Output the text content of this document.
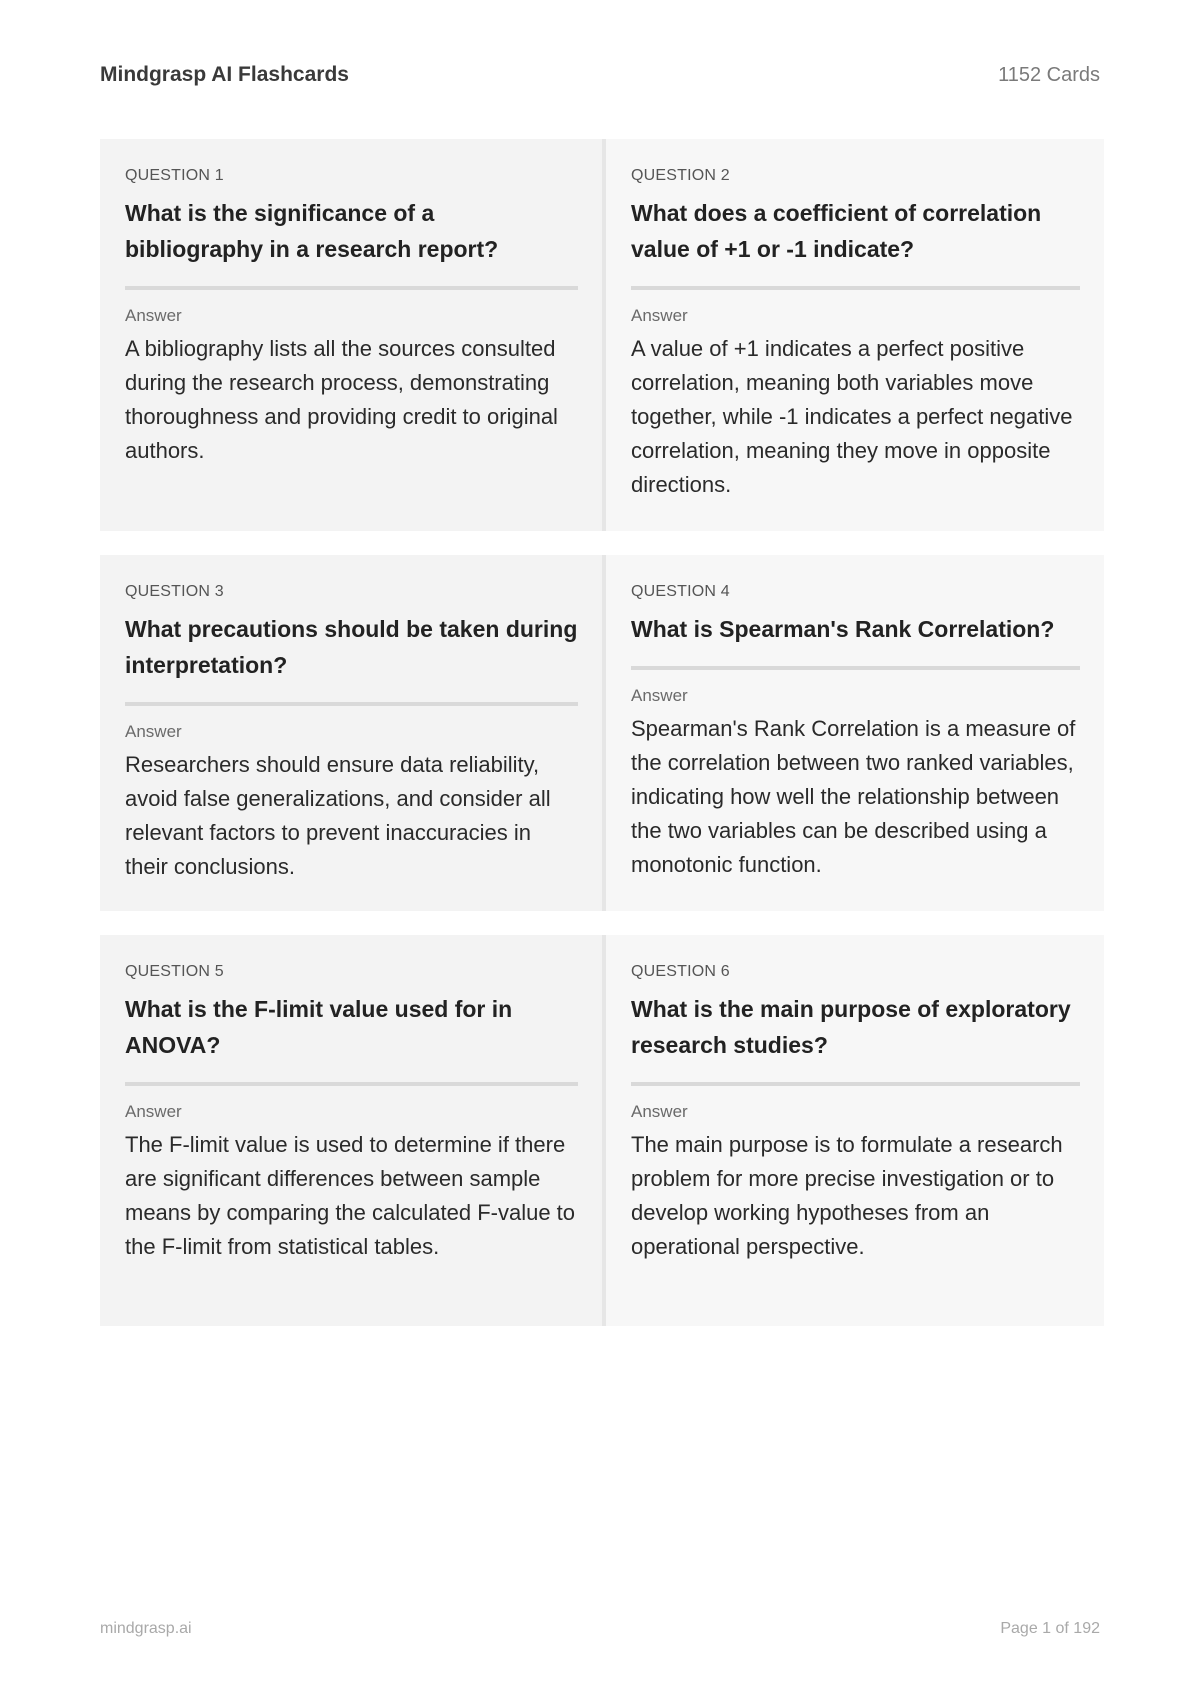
Mindgrasp AI Flashcards	1152 Cards
QUESTION 1
What is the significance of a bibliography in a research report?
Answer
A bibliography lists all the sources consulted during the research process, demonstrating thoroughness and providing credit to original authors.
QUESTION 2
What does a coefficient of correlation value of +1 or -1 indicate?
Answer
A value of +1 indicates a perfect positive correlation, meaning both variables move together, while -1 indicates a perfect negative correlation, meaning they move in opposite directions.
QUESTION 3
What precautions should be taken during interpretation?
Answer
Researchers should ensure data reliability, avoid false generalizations, and consider all relevant factors to prevent inaccuracies in their conclusions.
QUESTION 4
What is Spearman's Rank Correlation?
Answer
Spearman's Rank Correlation is a measure of the correlation between two ranked variables, indicating how well the relationship between the two variables can be described using a monotonic function.
QUESTION 5
What is the F-limit value used for in ANOVA?
Answer
The F-limit value is used to determine if there are significant differences between sample means by comparing the calculated F-value to the F-limit from statistical tables.
QUESTION 6
What is the main purpose of exploratory research studies?
Answer
The main purpose is to formulate a research problem for more precise investigation or to develop working hypotheses from an operational perspective.
mindgrasp.ai	Page 1 of 192
